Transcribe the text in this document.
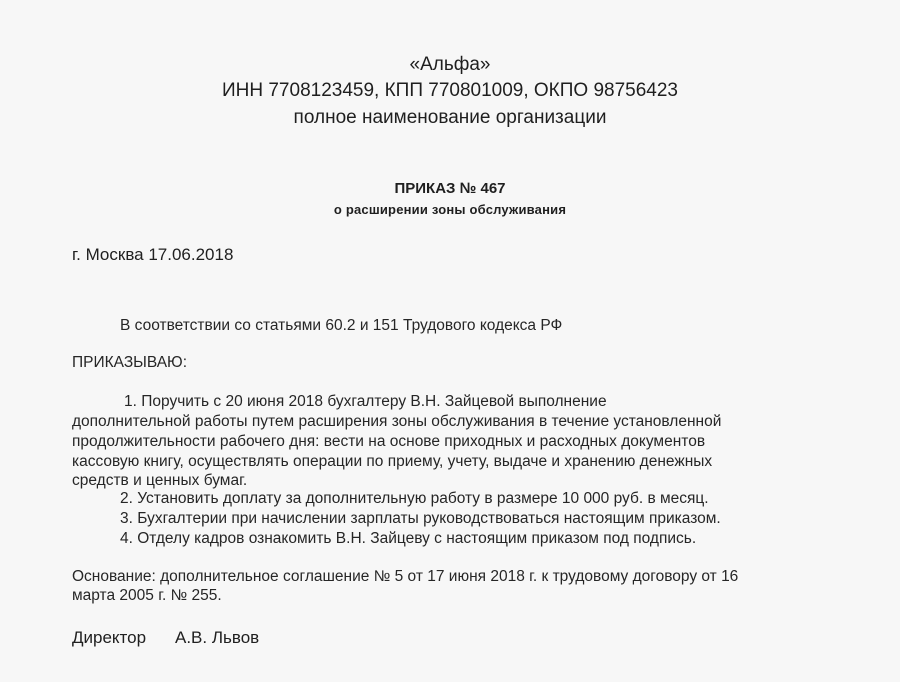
«Альфа»
ИНН 7708123459, КПП 770801009, ОКПО 98756423
полное наименование организации
ПРИКАЗ № 467
о расширении зоны обслуживания
г. Москва 17.06.2018
В соответствии со статьями 60.2 и 151 Трудового кодекса РФ
ПРИКАЗЫВАЮ:
1. Поручить с 20 июня 2018 бухгалтеру В.Н. Зайцевой выполнение
дополнительной работы путем расширения зоны обслуживания в течение установленной
продолжительности рабочего дня: вести на основе приходных и расходных документов
кассовую книгу, осуществлять операции по приему, учету, выдаче и хранению денежных
средств и ценных бумаг.
2. Установить доплату за дополнительную работу в размере 10 000 руб. в месяц.
3. Бухгалтерии при начислении зарплаты руководствоваться настоящим приказом.
4. Отделу кадров ознакомить В.Н. Зайцеву с настоящим приказом под подпись.
Основание: дополнительное соглашение № 5 от 17 июня 2018 г. к трудовому договору от 16
марта 2005 г. № 255.
Директор А.В. Львов
